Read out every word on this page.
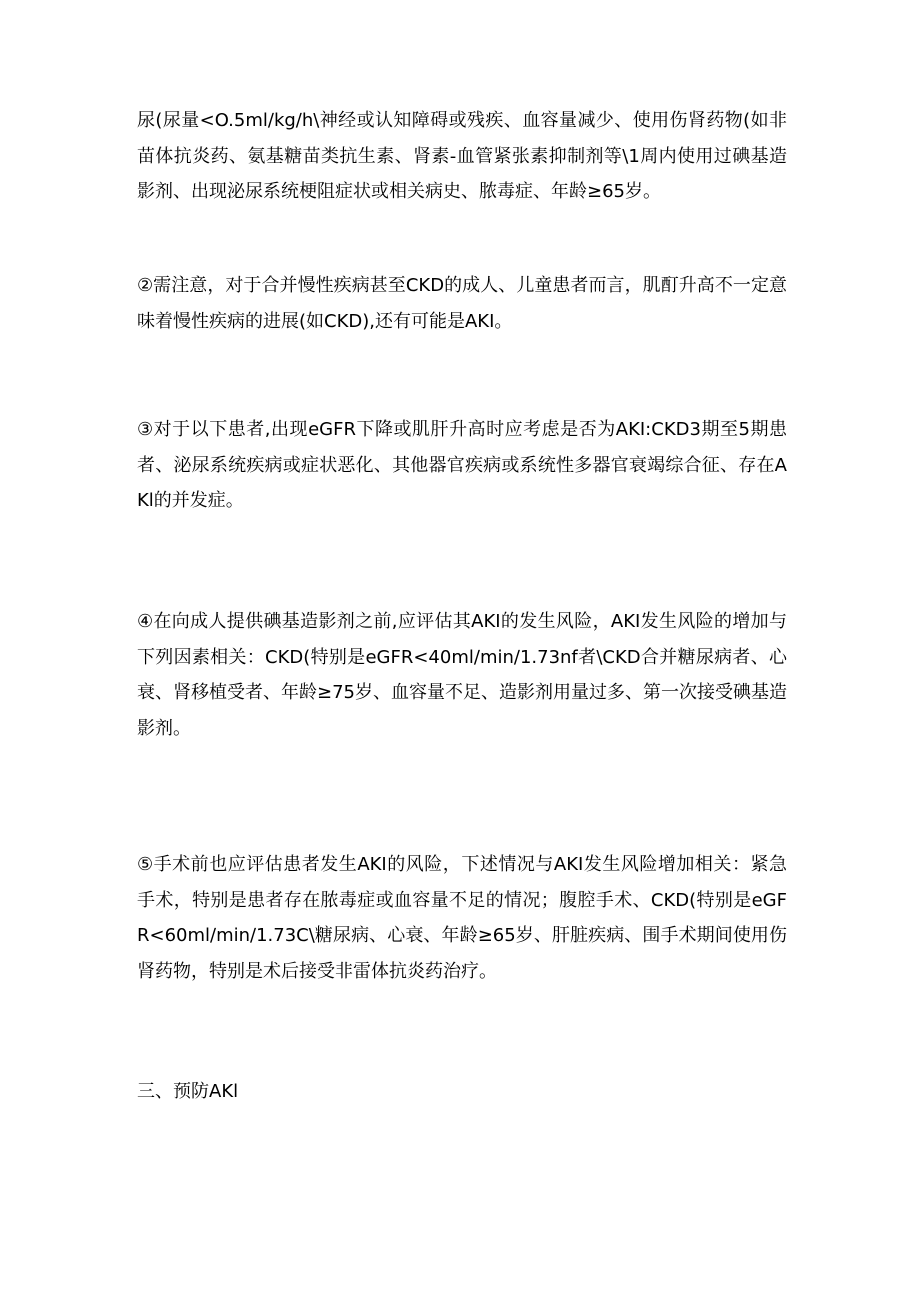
尿(尿量<O.5ml∕kg∕h\神经或认知障碍或残疾、血容量减少、使用伤肾药物(如非苗体抗炎药、氨基糖苗类抗生素、肾素-血管紧张素抑制剂等\1周内使用过碘基造影剂、出现泌尿系统梗阻症状或相关病史、脓毒症、年龄≥65岁。

②需注意，对于合并慢性疾病甚至CKD的成人、儿童患者而言，肌酊升高不一定意味着慢性疾病的进展(如CKD),还有可能是AKI。

③对于以下患者,出现eGFR下降或肌肝升高时应考虑是否为AKI:CKD3期至5期患者、泌尿系统疾病或症状恶化、其他器官疾病或系统性多器官衰竭综合征、存在AKl的并发症。

④在向成人提供碘基造影剂之前,应评估其AKI的发生风险，AKI发生风险的增加与下列因素相关：CKD(特别是eGFR<40ml∕min∕1.73nf者\CKD合并糖尿病者、心衰、肾移植受者、年龄≥75岁、血容量不足、造影剂用量过多、第一次接受碘基造影剂。

⑤手术前也应评估患者发生AKI的风险，下述情况与AKI发生风险增加相关：紧急手术，特别是患者存在脓毒症或血容量不足的情况；腹腔手术、CKD(特别是eGFR<60ml∕min∕1.73C\糖尿病、心衰、年龄≥65岁、肝脏疾病、围手术期间使用伤肾药物，特别是术后接受非雷体抗炎药治疗。

三、预防AKl
